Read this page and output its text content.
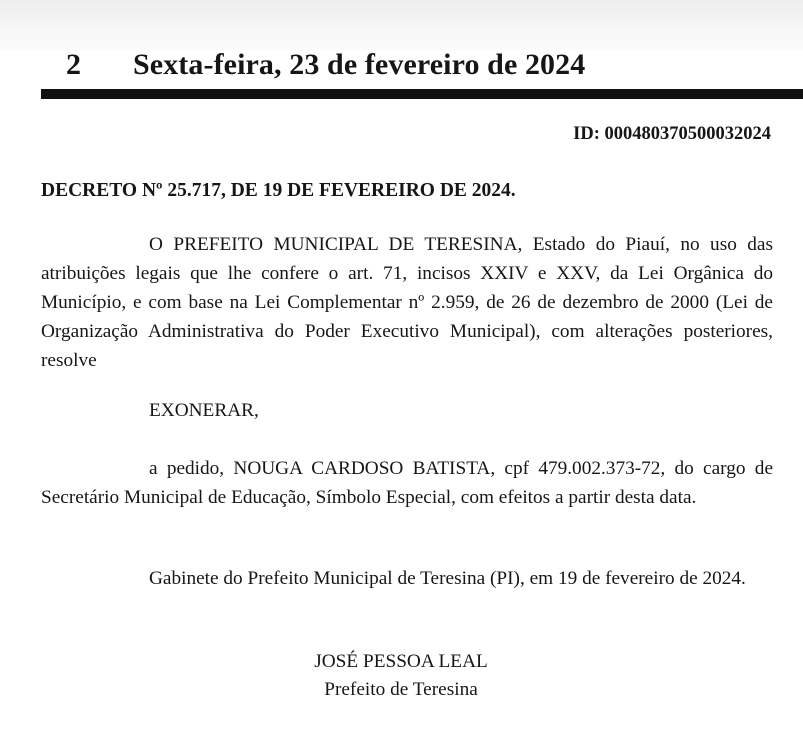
2 Sexta-feira, 23 de fevereiro de 2024
ID: 000480370500032024
DECRETO Nº 25.717, DE 19 DE FEVEREIRO DE 2024.

O PREFEITO MUNICIPAL DE TERESINA, Estado do Piauí, no uso das atribuições legais que lhe confere o art. 71, incisos XXIV e XXV, da Lei Orgânica do Município, e com base na Lei Complementar nº 2.959, de 26 de dezembro de 2000 (Lei de Organização Administrativa do Poder Executivo Municipal), com alterações posteriores, resolve

EXONERAR,

a pedido, NOUGA CARDOSO BATISTA, cpf 479.002.373-72, do cargo de Secretário Municipal de Educação, Símbolo Especial, com efeitos a partir desta data.

Gabinete do Prefeito Municipal de Teresina (PI), em 19 de fevereiro de 2024.

JOSÉ PESSOA LEAL
Prefeito de Teresina
